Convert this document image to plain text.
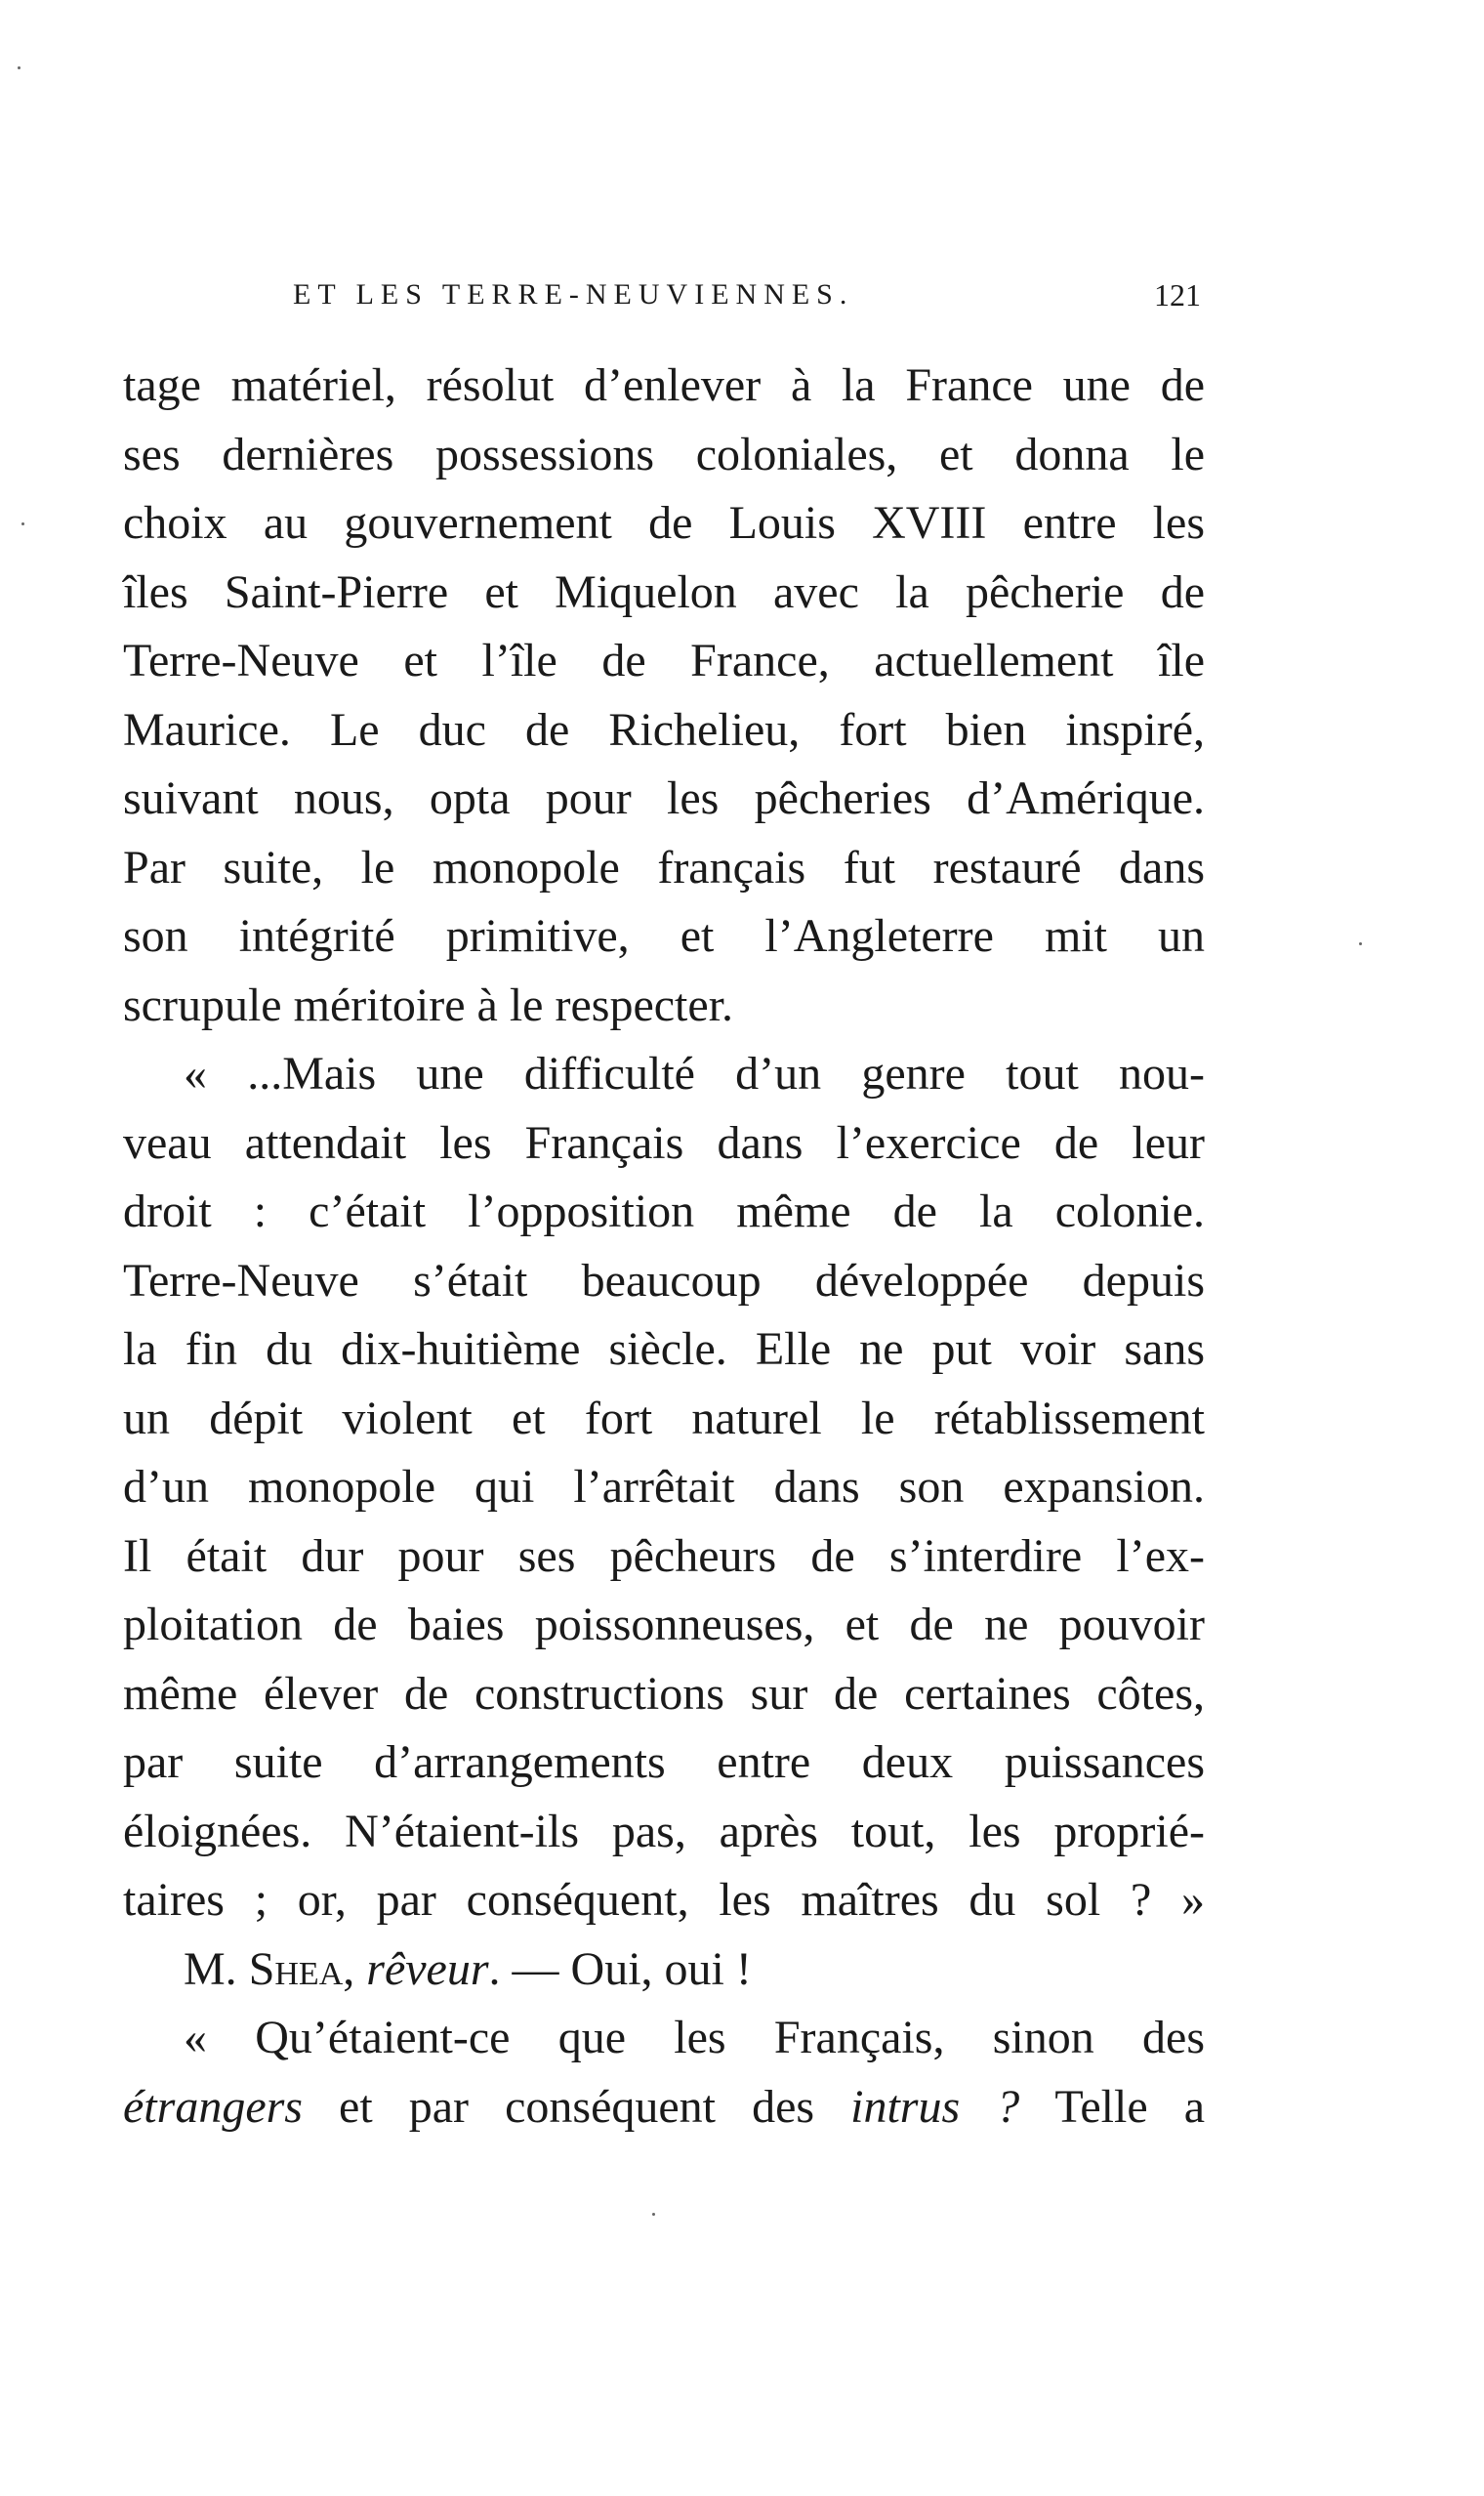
ET LES TERRE-NEUVIENNES.	121
tage matériel, résolut d’enlever à la France une de
ses dernières possessions coloniales, et donna le
choix au gouvernement de Louis XVIII entre les
îles Saint-Pierre et Miquelon avec la pêcherie de
Terre-Neuve et l’île de France, actuellement île
Maurice. Le duc de Richelieu, fort bien inspiré,
suivant nous, opta pour les pêcheries d’Amérique.
Par suite, le monopole français fut restauré dans
son intégrité primitive, et l’Angleterre mit un
scrupule méritoire à le respecter.
« ...Mais une difficulté d’un genre tout nou-
veau attendait les Français dans l’exercice de leur
droit : c’était l’opposition même de la colonie.
Terre-Neuve s’était beaucoup développée depuis
la fin du dix-huitième siècle. Elle ne put voir sans
un dépit violent et fort naturel le rétablissement
d’un monopole qui l’arrêtait dans son expansion.
Il était dur pour ses pêcheurs de s’interdire l’ex-
ploitation de baies poissonneuses, et de ne pouvoir
même élever de constructions sur de certaines côtes,
par suite d’arrangements entre deux puissances
éloignées. N’étaient-ils pas, après tout, les proprié-
taires ; or, par conséquent, les maîtres du sol ? »
M. Shea, rêveur. — Oui, oui !
« Qu’étaient-ce que les Français, sinon des
étrangers et par conséquent des intrus ? Telle a
